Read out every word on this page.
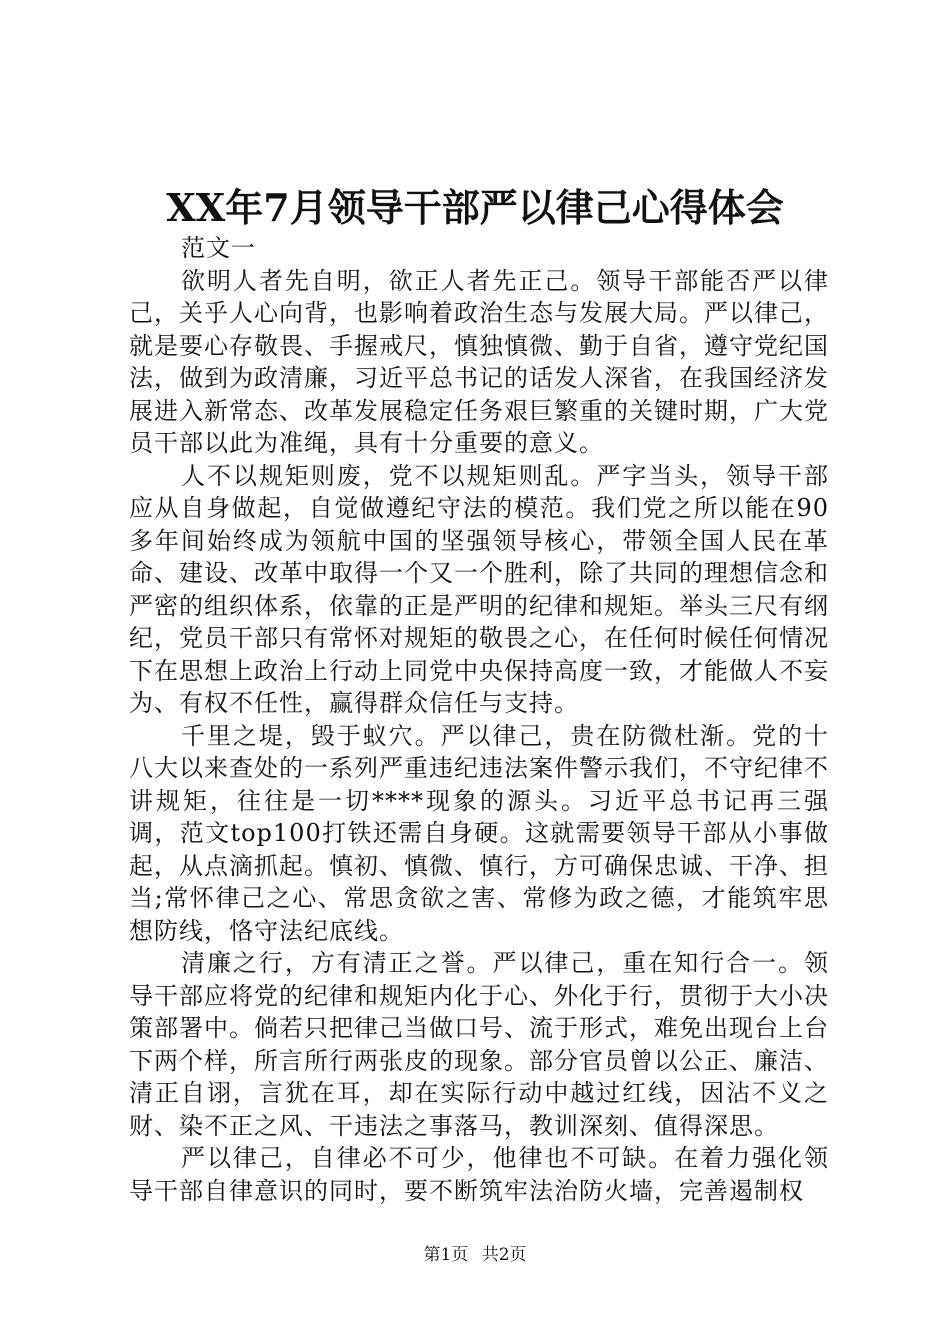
XX年7月领导干部严以律己心得体会

范文一

欲明人者先自明，欲正人者先正己。领导干部能否严以律己，关乎人心向背，也影响着政治生态与发展大局。严以律己，就是要心存敬畏、手握戒尺，慎独慎微、勤于自省，遵守党纪国法，做到为政清廉，习近平总书记的话发人深省，在我国经济发展进入新常态、改革发展稳定任务艰巨繁重的关键时期，广大党员干部以此为准绳，具有十分重要的意义。

人不以规矩则废，党不以规矩则乱。严字当头，领导干部应从自身做起，自觉做遵纪守法的模范。我们党之所以能在90多年间始终成为领航中国的坚强领导核心，带领全国人民在革命、建设、改革中取得一个又一个胜利，除了共同的理想信念和严密的组织体系，依靠的正是严明的纪律和规矩。举头三尺有纲纪，党员干部只有常怀对规矩的敬畏之心，在任何时候任何情况下在思想上政治上行动上同党中央保持高度一致，才能做人不妄为、有权不任性，赢得群众信任与支持。

千里之堤，毁于蚁穴。严以律己，贵在防微杜渐。党的十八大以来查处的一系列严重违纪违法案件警示我们，不守纪律不讲规矩，往往是一切****现象的源头。习近平总书记再三强调，范文top100打铁还需自身硬。这就需要领导干部从小事做起，从点滴抓起。慎初、慎微、慎行，方可确保忠诚、干净、担当;常怀律己之心、常思贪欲之害、常修为政之德，才能筑牢思想防线，恪守法纪底线。

清廉之行，方有清正之誉。严以律己，重在知行合一。领导干部应将党的纪律和规矩内化于心、外化于行，贯彻于大小决策部署中。倘若只把律己当做口号、流于形式，难免出现台上台下两个样，所言所行两张皮的现象。部分官员曾以公正、廉洁、清正自诩，言犹在耳，却在实际行动中越过红线，因沾不义之财、染不正之风、干违法之事落马，教训深刻、值得深思。

严以律己，自律必不可少，他律也不可缺。在着力强化领导干部自律意识的同时，要不断筑牢法治防火墙，完善遏制权

第1页 共2页
